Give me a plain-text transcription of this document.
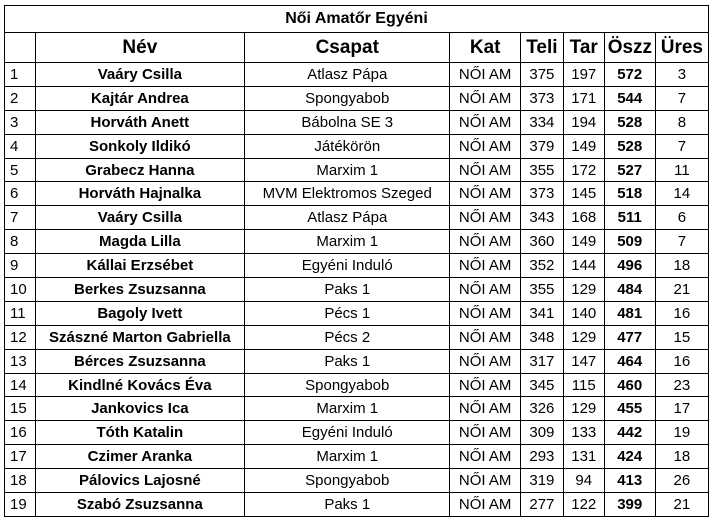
Női Amatőr Egyéni							
	Név	Csapat	Kat	Teli	Tar	Öszz	Üres
1	Vaáry Csilla	Atlasz Pápa	NŐI AM	375	197	572	3
2	Kajtár Andrea	Spongyabob	NŐI AM	373	171	544	7
3	Horváth Anett	Bábolna SE 3	NŐI AM	334	194	528	8
4	Sonkoly Ildikó	Játékörön	NŐI AM	379	149	528	7
5	Grabecz Hanna	Marxim 1	NŐI AM	355	172	527	11
6	Horváth Hajnalka	MVM Elektromos Szeged	NŐI AM	373	145	518	14
7	Vaáry Csilla	Atlasz Pápa	NŐI AM	343	168	511	6
8	Magda Lilla	Marxim 1	NŐI AM	360	149	509	7
9	Kállai Erzsébet	Egyéni Induló	NŐI AM	352	144	496	18
10	Berkes Zsuzsanna	Paks 1	NŐI AM	355	129	484	21
11	Bagoly Ivett	Pécs 1	NŐI AM	341	140	481	16
12	Szászné Marton Gabriella	Pécs 2	NŐI AM	348	129	477	15
13	Bérces Zsuzsanna	Paks 1	NŐI AM	317	147	464	16
14	Kindlné Kovács Éva	Spongyabob	NŐI AM	345	115	460	23
15	Jankovics Ica	Marxim 1	NŐI AM	326	129	455	17
16	Tóth Katalin	Egyéni Induló	NŐI AM	309	133	442	19
17	Czimer Aranka	Marxim 1	NŐI AM	293	131	424	18
18	Pálovics Lajosné	Spongyabob	NŐI AM	319	94	413	26
19	Szabó Zsuzsanna	Paks 1	NŐI AM	277	122	399	21
